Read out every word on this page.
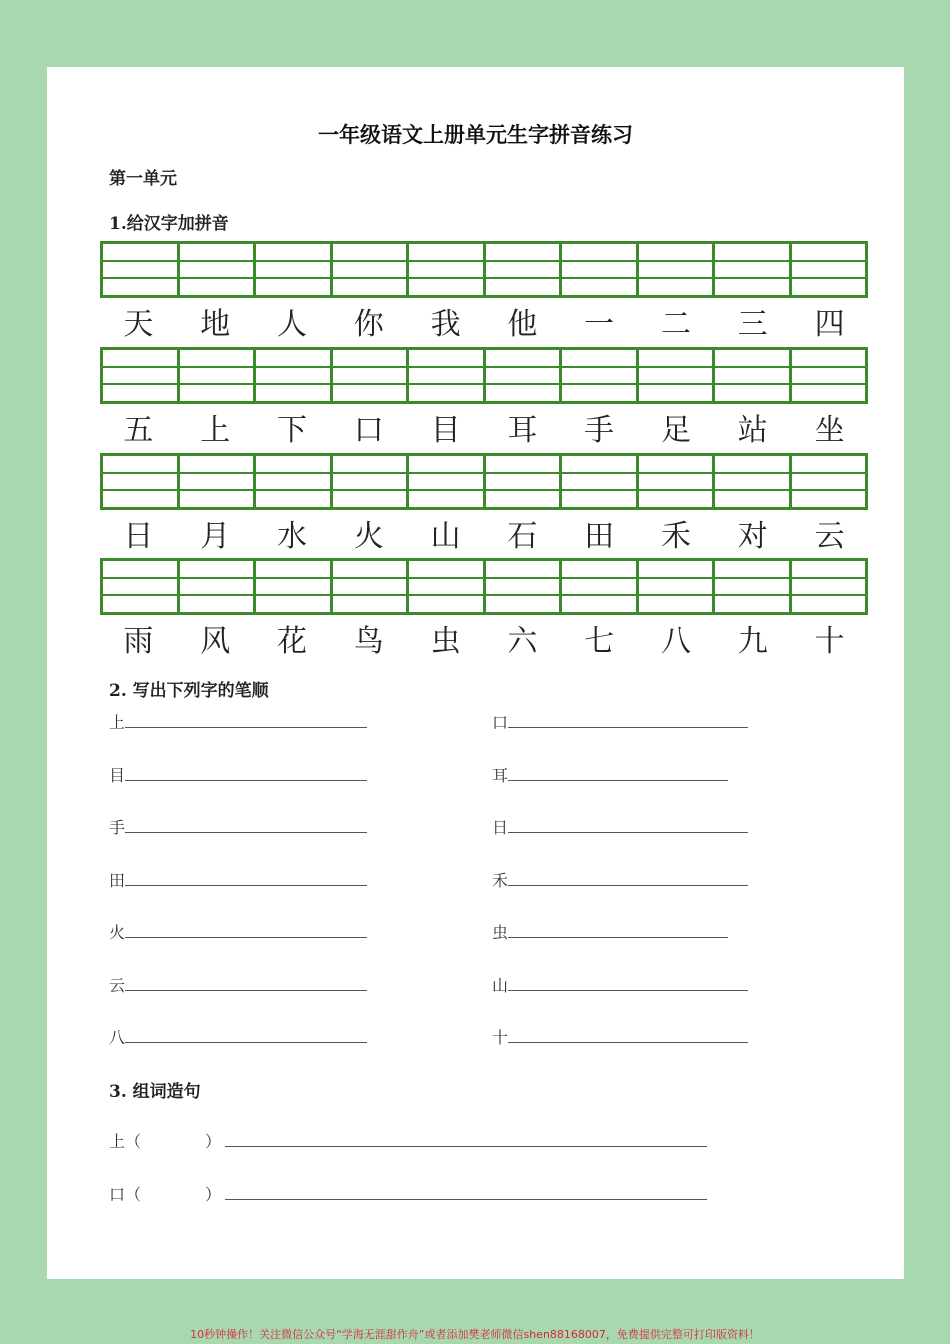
一年级语文上册单元生字拼音练习
第一单元
1.给汉字加拼音
天	地	人	你	我	他	一	二	三	四
五	上	下	口	目	耳	手	足	站	坐
日	月	水	火	山	石	田	禾	对	云
雨	风	花	鸟	虫	六	七	八	九	十
2. 写出下列字的笔顺
上
目
手
田
火
云
八
口
耳
日
禾
虫
山
十
3. 组词造句
上（　　　　）
口（　　　　）
10秒钟操作！关注微信公众号“学海无涯甜作舟”或者添加樊老师微信shen88168007，免费提供完整可打印版资料！
